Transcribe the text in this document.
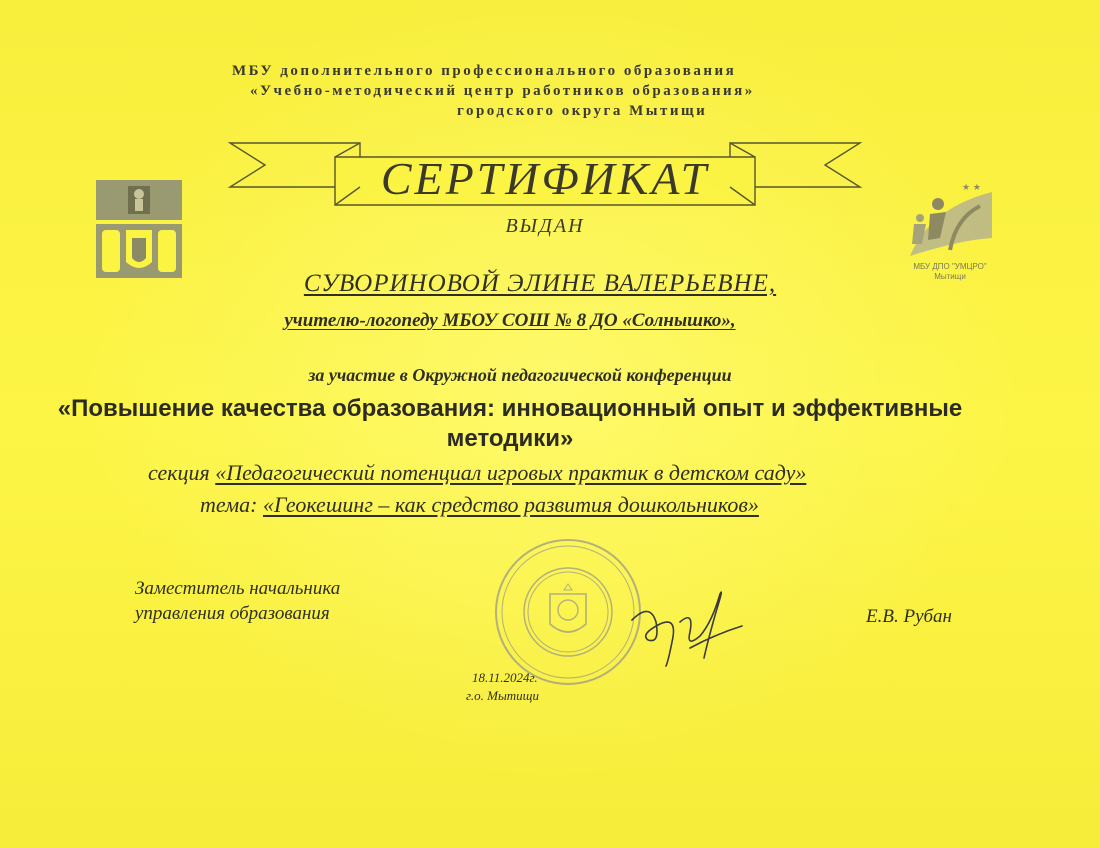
МБУ дополнительного профессионального образования
«Учебно-методический центр работников образования»
городского округа Мытищи
СЕРТИФИКАТ	★ ★
МБУ ДПО "УМЦРО"
Мытищи
ВЫДАН
СУВОРИНОВОЙ ЭЛИНЕ ВАЛЕРЬЕВНЕ,
учителю-логопеду МБОУ СОШ № 8 ДО «Солнышко»,
за участие в Окружной педагогической конференции
«Повышение качества образования: инновационный опыт и эффективные
методики»
секция «Педагогический потенциал игровых практик в детском саду»
тема: «Геокешинг – как средство развития дошкольников»
Заместитель начальника
управления образования	Е.В. Рубан
18.11.2024г.
г.о. Мытищи
